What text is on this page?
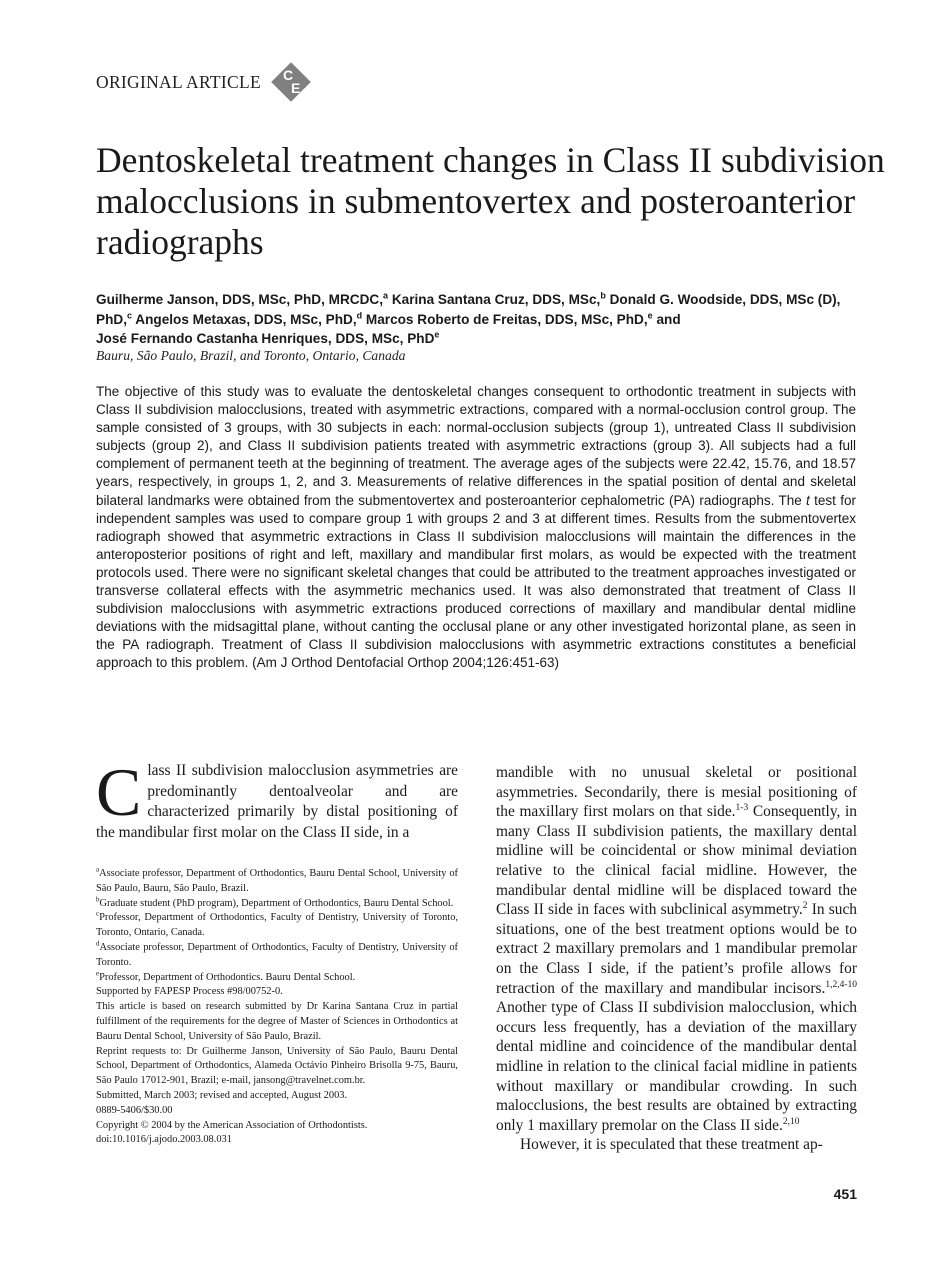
ORIGINAL ARTICLE C
E
Dentoskeletal treatment changes in Class II subdivision malocclusions in submentovertex and posteroanterior radiographs
Guilherme Janson, DDS, MSc, PhD, MRCDC,$^a$ Karina Santana Cruz, DDS, MSc,$^b$ Donald G. Woodside, DDS, MSc (D), PhD,$^c$ Angelos Metaxas, DDS, MSc, PhD,$^d$ Marcos Roberto de Freitas, DDS, MSc, PhD,$^e$ and
José Fernando Castanha Henriques, DDS, MSc, PhD$^e$
Bauru, São Paulo, Brazil, and Toronto, Ontario, Canada

The objective of this study was to evaluate the dentoskeletal changes consequent to orthodontic treatment in subjects with Class II subdivision malocclusions, treated with asymmetric extractions, compared with a normal-occlusion control group. The sample consisted of 3 groups, with 30 subjects in each: normal-occlusion subjects (group 1), untreated Class II subdivision subjects (group 2), and Class II subdivision patients treated with asymmetric extractions (group 3). All subjects had a full complement of permanent teeth at the beginning of treatment. The average ages of the subjects were 22.42, 15.76, and 18.57 years, respectively, in groups 1, 2, and 3. Measurements of relative differences in the spatial position of dental and skeletal bilateral landmarks were obtained from the submentovertex and posteroanterior cephalometric (PA) radiographs. The t test for independent samples was used to compare group 1 with groups 2 and 3 at different times. Results from the submentovertex radiograph showed that asymmetric extractions in Class II subdivision malocclusions will maintain the differences in the anteroposterior positions of right and left, maxillary and mandibular first molars, as would be expected with the treatment protocols used. There were no significant skeletal changes that could be attributed to the treatment approaches investigated or transverse collateral effects with the asymmetric mechanics used. It was also demonstrated that treatment of Class II subdivision malocclusions with asymmetric extractions produced corrections of maxillary and mandibular dental midline deviations with the midsagittal plane, without canting the occlusal plane or any other investigated horizontal plane, as seen in the PA radiograph. Treatment of Class II subdivision malocclusions with asymmetric extractions constitutes a beneficial approach to this problem. (Am J Orthod Dentofacial Orthop 2004;126:451-63)

Class II subdivision malocclusion asymmetries are predominantly dentoalveolar and are characterized primarily by distal positioning of the mandibular first molar on the Class II side, in a

$^a$Associate professor, Department of Orthodontics, Bauru Dental School, University of São Paulo, Bauru, São Paulo, Brazil.

$^b$Graduate student (PhD program), Department of Orthodontics, Bauru Dental School.

$^c$Professor, Department of Orthodontics, Faculty of Dentistry, University of Toronto, Toronto, Ontario, Canada.

$^d$Associate professor, Department of Orthodontics, Faculty of Dentistry, University of Toronto.

$^e$Professor, Department of Orthodontics. Bauru Dental School.

Supported by FAPESP Process #98/00752-0.

This article is based on research submitted by Dr Karina Santana Cruz in partial fulfillment of the requirements for the degree of Master of Sciences in Orthodontics at Bauru Dental School, University of São Paulo, Brazil.

Reprint requests to: Dr Guilherme Janson, University of São Paulo, Bauru Dental School, Department of Orthodontics, Alameda Octávio Pinheiro Brisolla 9-75, Bauru, São Paulo 17012-901, Brazil; e-mail, jansong@travelnet.com.br.

Submitted, March 2003; revised and accepted, August 2003.

0889-5406/$30.00

Copyright © 2004 by the American Association of Orthodontists.

doi:10.1016/j.ajodo.2003.08.031

mandible with no unusual skeletal or positional asymmetries. Secondarily, there is mesial positioning of the maxillary first molars on that side.$^{1-3}$ Consequently, in many Class II subdivision patients, the maxillary dental midline will be coincidental or show minimal deviation relative to the clinical facial midline. However, the mandibular dental midline will be displaced toward the Class II side in faces with subclinical asymmetry.$^2$ In such situations, one of the best treatment options would be to extract 2 maxillary premolars and 1 mandibular premolar on the Class I side, if the patient’s profile allows for retraction of the maxillary and mandibular incisors.$^{1,2,4-10}$ Another type of Class II subdivision malocclusion, which occurs less frequently, has a deviation of the maxillary dental midline and coincidence of the mandibular dental midline in relation to the clinical facial midline in patients without maxillary or mandibular crowding. In such malocclusions, the best results are obtained by extracting only 1 maxillary premolar on the Class II side.$^{2,10}$

However, it is speculated that these treatment ap-

451
